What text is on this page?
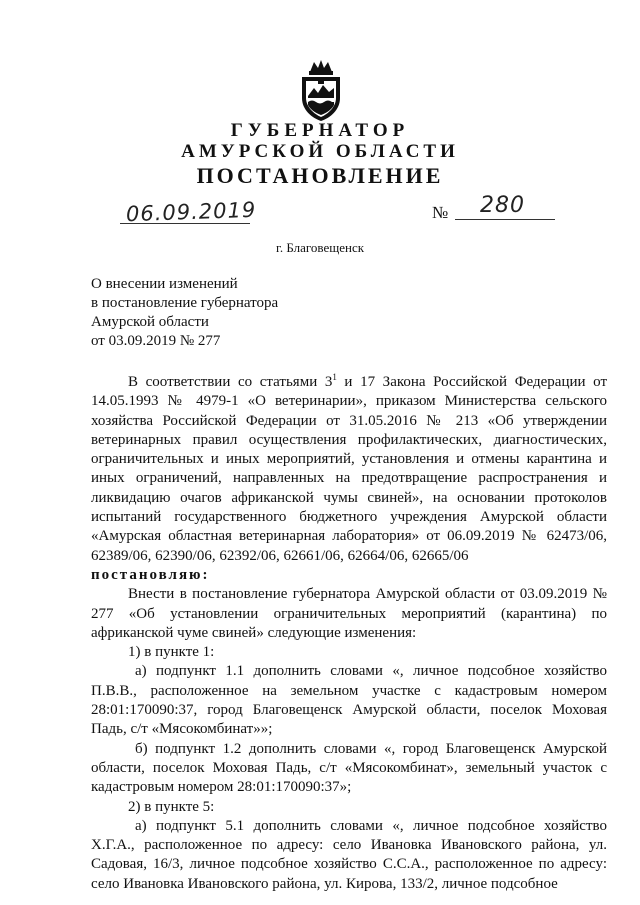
ГУБЕРНАТОР
АМУРСКОЙ ОБЛАСТИ
ПОСТАНОВЛЕНИЕ
06.09.2019	№ 280
г. Благовещенск
О внесении изменений
в постановление губернатора
Амурской области
от 03.09.2019 № 277

В соответствии со статьями $3^1$ и 17 Закона Российской Федерации от 14.05.1993 № 4979-1 «О ветеринарии», приказом Министерства сельского хозяйства Российской Федерации от 31.05.2016 № 213 «Об утверждении ветеринарных правил осуществления профилактических, диагностических, ограничительных и иных мероприятий, установления и отмены карантина и иных ограничений, направленных на предотвращение распространения и ликвидацию очагов африканской чумы свиней», на основании протоколов испытаний государственного бюджетного учреждения Амурской области «Амурская областная ветеринарная лаборатория» от 06.09.2019 № 62473/06, 62389/06, 62390/06, 62392/06, 62661/06, 62664/06, 62665/06

постановляю:

Внести в постановление губернатора Амурской области от 03.09.2019 № 277 «Об установлении ограничительных мероприятий (карантина) по африканской чуме свиней» следующие изменения:

1) в пункте 1:

а) подпункт 1.1 дополнить словами «, личное подсобное хозяйство П.В.В., расположенное на земельном участке с кадастровым номером 28:01:170090:37, город Благовещенск Амурской области, поселок Моховая Падь, с/т «Мясокомбинат»»;

б) подпункт 1.2 дополнить словами «, город Благовещенск Амурской области, поселок Моховая Падь, с/т «Мясокомбинат», земельный участок с кадастровым номером 28:01:170090:37»;

2) в пункте 5:

а) подпункт 5.1 дополнить словами «, личное подсобное хозяйство Х.Г.А., расположенное по адресу: село Ивановка Ивановского района, ул. Садовая, 16/3, личное подсобное хозяйство С.С.А., расположенное по адресу: село Ивановка Ивановского района, ул. Кирова, 133/2, личное подсобное
